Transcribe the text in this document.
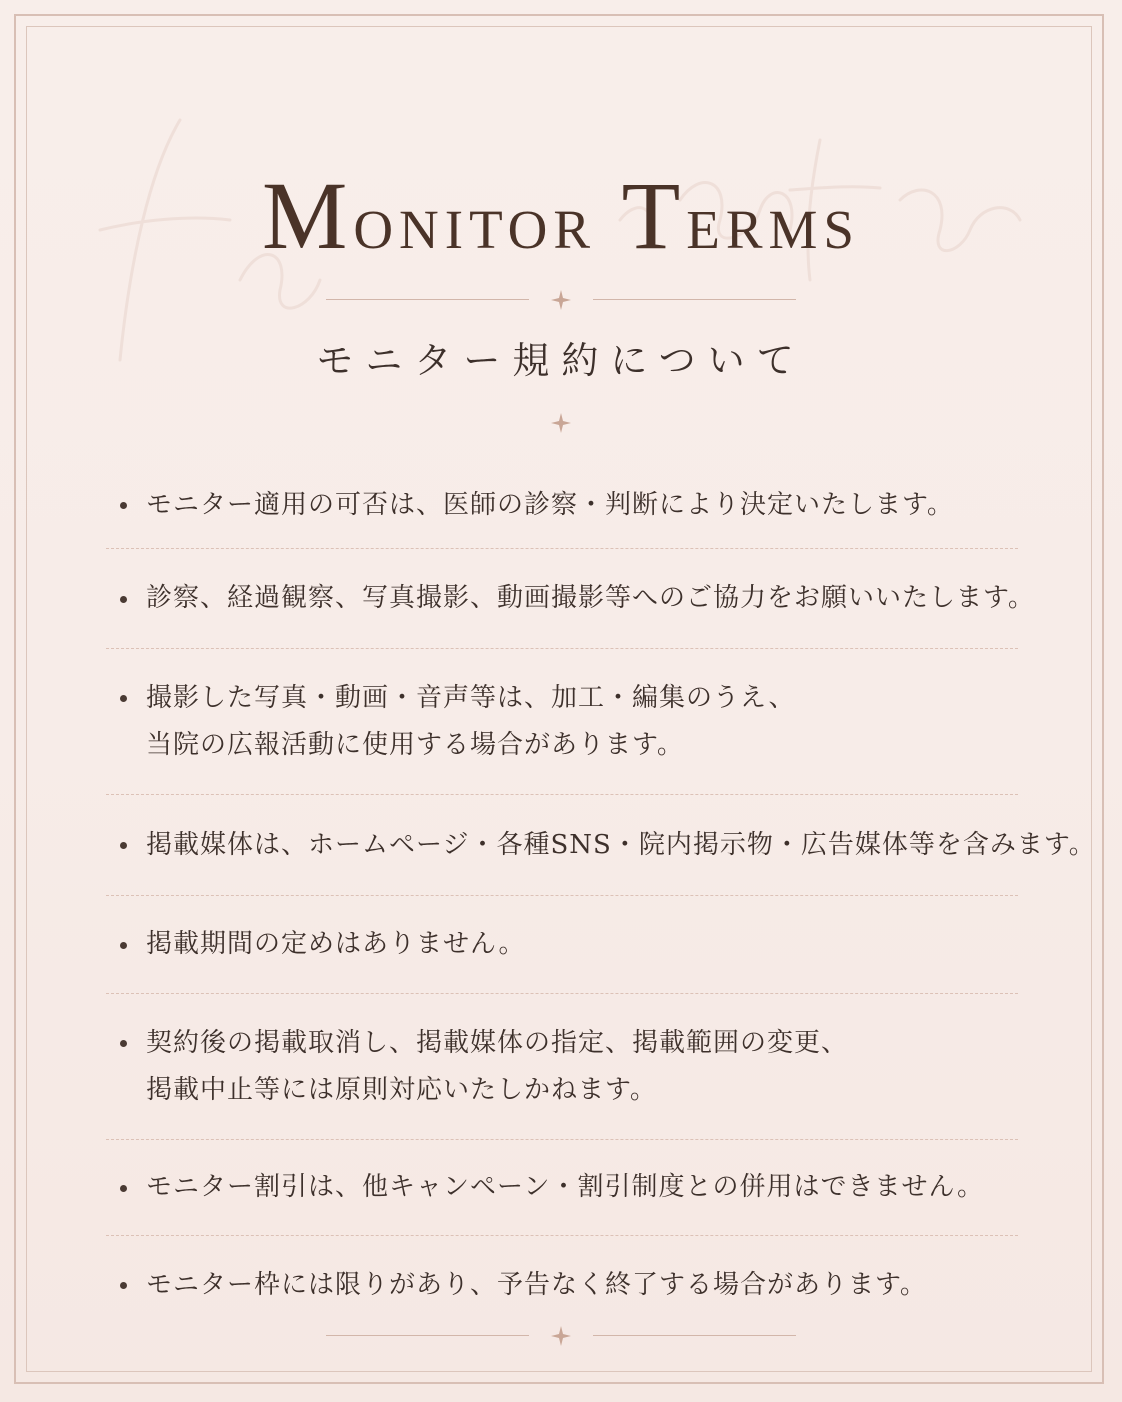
Monitor Terms
モニター規約について
モニター適用の可否は、医師の診察・判断により決定いたします。
診察、経過観察、写真撮影、動画撮影等へのご協力をお願いいたします。
撮影した写真・動画・音声等は、加工・編集のうえ、
当院の広報活動に使用する場合があります。
掲載媒体は、ホームページ・各種SNS・院内掲示物・広告媒体等を含みます。
掲載期間の定めはありません。
契約後の掲載取消し、掲載媒体の指定、掲載範囲の変更、
掲載中止等には原則対応いたしかねます。
モニター割引は、他キャンペーン・割引制度との併用はできません。
モニター枠には限りがあり、予告なく終了する場合があります。
